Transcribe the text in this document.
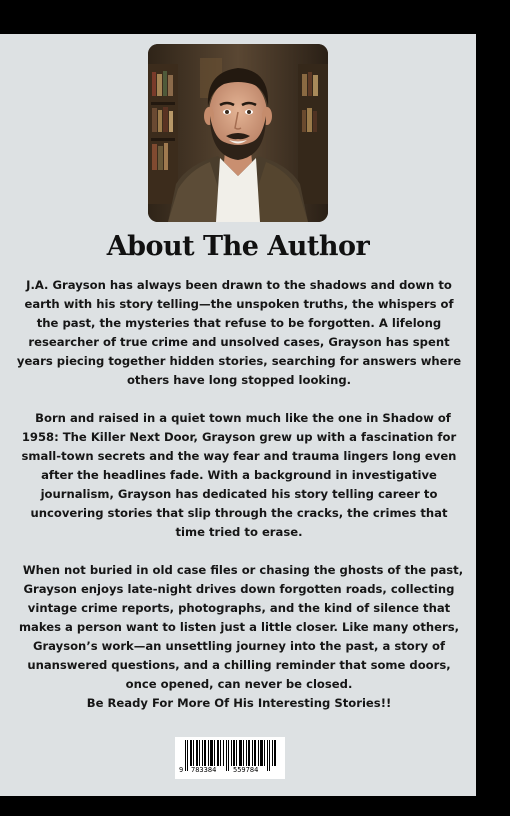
About The Author

J.A. Grayson has always been drawn to the shadows and down to earth with his story telling—the unspoken truths, the whispers of the past, the mysteries that refuse to be forgotten. A lifelong researcher of true crime and unsolved cases, Grayson has spent years piecing together hidden stories, searching for answers where others have long stopped looking.

Born and raised in a quiet town much like the one in Shadow of 1958: The Killer Next Door, Grayson grew up with a fascination for small-town secrets and the way fear and trauma lingers long even after the headlines fade. With a background in investigative journalism, Grayson has dedicated his story telling career to uncovering stories that slip through the cracks, the crimes that time tried to erase.

When not buried in old case files or chasing the ghosts of the past, Grayson enjoys late-night drives down forgotten roads, collecting vintage crime reports, photographs, and the kind of silence that makes a person want to listen just a little closer. Like many others, Grayson’s work—an unsettling journey into the past, a story of unanswered questions, and a chilling reminder that some doors, once opened, can never be closed.

Be Ready For More Of His Interesting Stories!!

9 783384 559784
